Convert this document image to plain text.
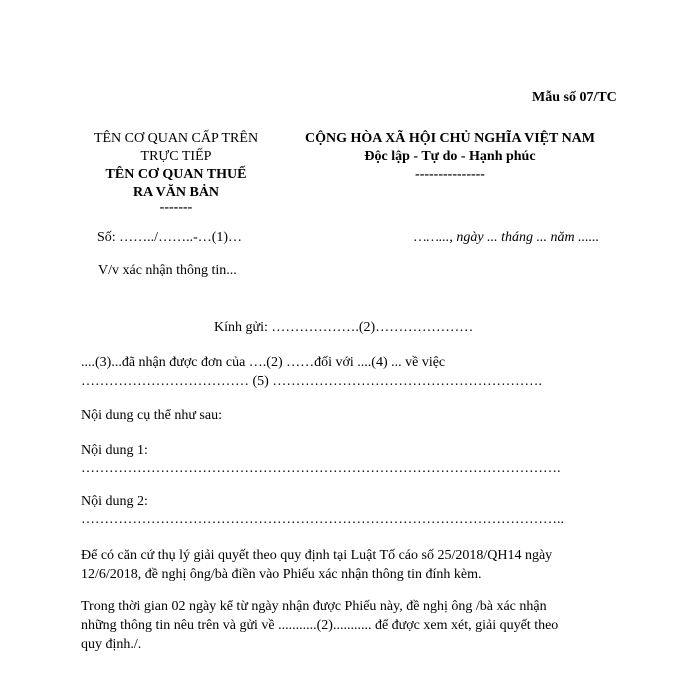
Mẫu số 07/TC
TÊN CƠ QUAN CẤP TRÊN
TRỰC TIẾP
TÊN CƠ QUAN THUẾ
RA VĂN BẢN
-------
CỘNG HÒA XÃ HỘI CHỦ NGHĨA VIỆT NAM
Độc lập - Tự do - Hạnh phúc
---------------
Số: ……../……..-…(1)…	……..., ngày ... tháng ... năm ......
V/v xác nhận thông tin...
Kính gửi: ……………….(2)…………………
....(3)...đã nhận được đơn của ….(2) ……đối với ....(4) ... về việc
……………………………… (5) ………………………………………………….
Nội dung cụ thể như sau:
Nội dung 1:
………………………………………………………………………………………….
Nội dung 2:
…………………………………………………………………………………………..
Để có căn cứ thụ lý giải quyết theo quy định tại Luật Tố cáo số 25/2018/QH14 ngày
12/6/2018, đề nghị ông/bà điền vào Phiếu xác nhận thông tin đính kèm.
Trong thời gian 02 ngày kể từ ngày nhận được Phiếu này, đề nghị ông /bà xác nhận
những thông tin nêu trên và gửi về ...........(2)........... để được xem xét, giải quyết theo
quy định./.
